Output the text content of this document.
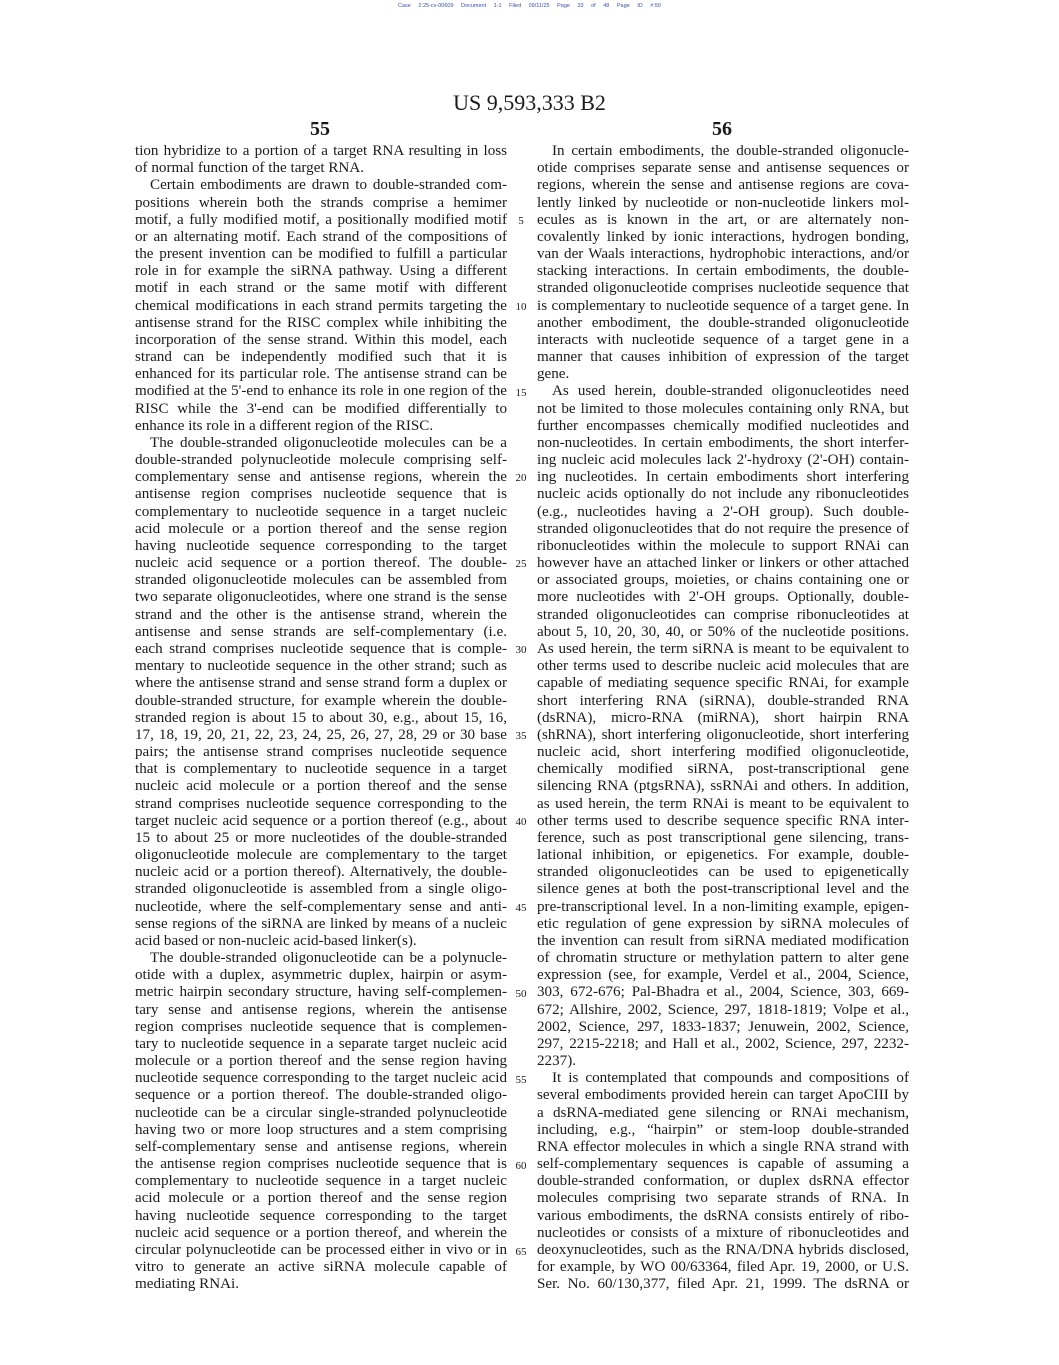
Case 2:25-cv-00609 Document 1-1 Filed 09/11/25 Page 33 of 48 Page ID #:50
US 9,593,333 B2
55	56
tion hybridize to a portion of a target RNA resulting in loss
of normal function of the target RNA.
Certain embodiments are drawn to double-stranded com-
positions wherein both the strands comprise a hemimer
motif, a fully modified motif, a positionally modified motif
or an alternating motif. Each strand of the compositions of
the present invention can be modified to fulfill a particular
role in for example the siRNA pathway. Using a different
motif in each strand or the same motif with different
chemical modifications in each strand permits targeting the
antisense strand for the RISC complex while inhibiting the
incorporation of the sense strand. Within this model, each
strand can be independently modified such that it is
enhanced for its particular role. The antisense strand can be
modified at the 5'-end to enhance its role in one region of the
RISC while the 3'-end can be modified differentially to
enhance its role in a different region of the RISC.
The double-stranded oligonucleotide molecules can be a
double-stranded polynucleotide molecule comprising self-
complementary sense and antisense regions, wherein the
antisense region comprises nucleotide sequence that is
complementary to nucleotide sequence in a target nucleic
acid molecule or a portion thereof and the sense region
having nucleotide sequence corresponding to the target
nucleic acid sequence or a portion thereof. The double-
stranded oligonucleotide molecules can be assembled from
two separate oligonucleotides, where one strand is the sense
strand and the other is the antisense strand, wherein the
antisense and sense strands are self-complementary (i.e.
each strand comprises nucleotide sequence that is comple-
mentary to nucleotide sequence in the other strand; such as
where the antisense strand and sense strand form a duplex or
double-stranded structure, for example wherein the double-
stranded region is about 15 to about 30, e.g., about 15, 16,
17, 18, 19, 20, 21, 22, 23, 24, 25, 26, 27, 28, 29 or 30 base
pairs; the antisense strand comprises nucleotide sequence
that is complementary to nucleotide sequence in a target
nucleic acid molecule or a portion thereof and the sense
strand comprises nucleotide sequence corresponding to the
target nucleic acid sequence or a portion thereof (e.g., about
15 to about 25 or more nucleotides of the double-stranded
oligonucleotide molecule are complementary to the target
nucleic acid or a portion thereof). Alternatively, the double-
stranded oligonucleotide is assembled from a single oligo-
nucleotide, where the self-complementary sense and anti-
sense regions of the siRNA are linked by means of a nucleic
acid based or non-nucleic acid-based linker(s).
The double-stranded oligonucleotide can be a polynucle-
otide with a duplex, asymmetric duplex, hairpin or asym-
metric hairpin secondary structure, having self-complemen-
tary sense and antisense regions, wherein the antisense
region comprises nucleotide sequence that is complemen-
tary to nucleotide sequence in a separate target nucleic acid
molecule or a portion thereof and the sense region having
nucleotide sequence corresponding to the target nucleic acid
sequence or a portion thereof. The double-stranded oligo-
nucleotide can be a circular single-stranded polynucleotide
having two or more loop structures and a stem comprising
self-complementary sense and antisense regions, wherein
the antisense region comprises nucleotide sequence that is
complementary to nucleotide sequence in a target nucleic
acid molecule or a portion thereof and the sense region
having nucleotide sequence corresponding to the target
nucleic acid sequence or a portion thereof, and wherein the
circular polynucleotide can be processed either in vivo or in
vitro to generate an active siRNA molecule capable of
mediating RNAi.
5
10
15
20
25
30
35
40
45
50
55
60
65
In certain embodiments, the double-stranded oligonucle-
otide comprises separate sense and antisense sequences or
regions, wherein the sense and antisense regions are cova-
lently linked by nucleotide or non-nucleotide linkers mol-
ecules as is known in the art, or are alternately non-
covalently linked by ionic interactions, hydrogen bonding,
van der Waals interactions, hydrophobic interactions, and/or
stacking interactions. In certain embodiments, the double-
stranded oligonucleotide comprises nucleotide sequence that
is complementary to nucleotide sequence of a target gene. In
another embodiment, the double-stranded oligonucleotide
interacts with nucleotide sequence of a target gene in a
manner that causes inhibition of expression of the target
gene.
As used herein, double-stranded oligonucleotides need
not be limited to those molecules containing only RNA, but
further encompasses chemically modified nucleotides and
non-nucleotides. In certain embodiments, the short interfer-
ing nucleic acid molecules lack 2'-hydroxy (2'-OH) contain-
ing nucleotides. In certain embodiments short interfering
nucleic acids optionally do not include any ribonucleotides
(e.g., nucleotides having a 2'-OH group). Such double-
stranded oligonucleotides that do not require the presence of
ribonucleotides within the molecule to support RNAi can
however have an attached linker or linkers or other attached
or associated groups, moieties, or chains containing one or
more nucleotides with 2'-OH groups. Optionally, double-
stranded oligonucleotides can comprise ribonucleotides at
about 5, 10, 20, 30, 40, or 50% of the nucleotide positions.
As used herein, the term siRNA is meant to be equivalent to
other terms used to describe nucleic acid molecules that are
capable of mediating sequence specific RNAi, for example
short interfering RNA (siRNA), double-stranded RNA
(dsRNA), micro-RNA (miRNA), short hairpin RNA
(shRNA), short interfering oligonucleotide, short interfering
nucleic acid, short interfering modified oligonucleotide,
chemically modified siRNA, post-transcriptional gene
silencing RNA (ptgsRNA), ssRNAi and others. In addition,
as used herein, the term RNAi is meant to be equivalent to
other terms used to describe sequence specific RNA inter-
ference, such as post transcriptional gene silencing, trans-
lational inhibition, or epigenetics. For example, double-
stranded oligonucleotides can be used to epigenetically
silence genes at both the post-transcriptional level and the
pre-transcriptional level. In a non-limiting example, epigen-
etic regulation of gene expression by siRNA molecules of
the invention can result from siRNA mediated modification
of chromatin structure or methylation pattern to alter gene
expression (see, for example, Verdel et al., 2004, Science,
303, 672-676; Pal-Bhadra et al., 2004, Science, 303, 669-
672; Allshire, 2002, Science, 297, 1818-1819; Volpe et al.,
2002, Science, 297, 1833-1837; Jenuwein, 2002, Science,
297, 2215-2218; and Hall et al., 2002, Science, 297, 2232-
2237).
It is contemplated that compounds and compositions of
several embodiments provided herein can target ApoCIII by
a dsRNA-mediated gene silencing or RNAi mechanism,
including, e.g., “hairpin” or stem-loop double-stranded
RNA effector molecules in which a single RNA strand with
self-complementary sequences is capable of assuming a
double-stranded conformation, or duplex dsRNA effector
molecules comprising two separate strands of RNA. In
various embodiments, the dsRNA consists entirely of ribo-
nucleotides or consists of a mixture of ribonucleotides and
deoxynucleotides, such as the RNA/DNA hybrids disclosed,
for example, by WO 00/63364, filed Apr. 19, 2000, or U.S.
Ser. No. 60/130,377, filed Apr. 21, 1999. The dsRNA or
